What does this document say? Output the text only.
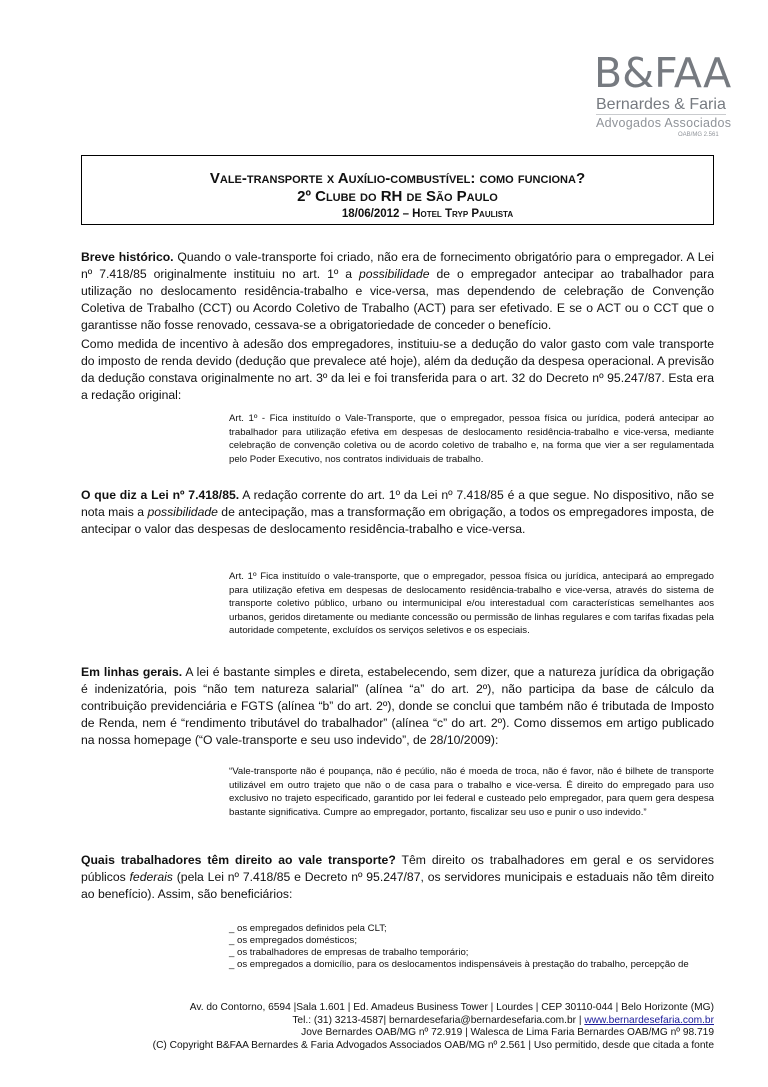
B&FAA
Bernardes & Faria
Advogados Associados
OAB/MG 2.561
Vale-transporte x Auxílio-combustível: como funciona?
2º Clube do RH de São Paulo
18/06/2012 – Hotel Tryp Paulista

Breve histórico. Quando o vale-transporte foi criado, não era de fornecimento obrigatório para o empregador. A Lei nº 7.418/85 originalmente instituiu no art. 1º a possibilidade de o empregador antecipar ao trabalhador para utilização no deslocamento residência-trabalho e vice-versa, mas dependendo de celebração de Convenção Coletiva de Trabalho (CCT) ou Acordo Coletivo de Trabalho (ACT) para ser efetivado. E se o ACT ou o CCT que o garantisse não fosse renovado, cessava-se a obrigatoriedade de conceder o benefício.

Como medida de incentivo à adesão dos empregadores, instituiu-se a dedução do valor gasto com vale transporte do imposto de renda devido (dedução que prevalece até hoje), além da dedução da despesa operacional. A previsão da dedução constava originalmente no art. 3º da lei e foi transferida para o art. 32 do Decreto nº 95.247/87. Esta era a redação original:

Art. 1º - Fica instituído o Vale-Transporte, que o empregador, pessoa física ou jurídica, poderá antecipar ao trabalhador para utilização efetiva em despesas de deslocamento residência-trabalho e vice-versa, mediante celebração de convenção coletiva ou de acordo coletivo de trabalho e, na forma que vier a ser regulamentada pelo Poder Executivo, nos contratos individuais de trabalho.

O que diz a Lei nº 7.418/85. A redação corrente do art. 1º da Lei nº 7.418/85 é a que segue. No dispositivo, não se nota mais a possibilidade de antecipação, mas a transformação em obrigação, a todos os empregadores imposta, de antecipar o valor das despesas de deslocamento residência-trabalho e vice-versa.

Art. 1º Fica instituído o vale-transporte, que o empregador, pessoa física ou jurídica, antecipará ao empregado para utilização efetiva em despesas de deslocamento residência-trabalho e vice-versa, através do sistema de transporte coletivo público, urbano ou intermunicipal e/ou interestadual com características semelhantes aos urbanos, geridos diretamente ou mediante concessão ou permissão de linhas regulares e com tarifas fixadas pela autoridade competente, excluídos os serviços seletivos e os especiais.

Em linhas gerais. A lei é bastante simples e direta, estabelecendo, sem dizer, que a natureza jurídica da obrigação é indenizatória, pois “não tem natureza salarial” (alínea “a” do art. 2º), não participa da base de cálculo da contribuição previdenciária e FGTS (alínea “b” do art. 2º), donde se conclui que também não é tributada de Imposto de Renda, nem é “rendimento tributável do trabalhador” (alínea “c” do art. 2º). Como dissemos em artigo publicado na nossa homepage (“O vale-transporte e seu uso indevido”, de 28/10/2009):

“Vale-transporte não é poupança, não é pecúlio, não é moeda de troca, não é favor, não é bilhete de transporte utilizável em outro trajeto que não o de casa para o trabalho e vice-versa. É direito do empregado para uso exclusivo no trajeto especificado, garantido por lei federal e custeado pelo empregador, para quem gera despesa bastante significativa. Cumpre ao empregador, portanto, fiscalizar seu uso e punir o uso indevido.”

Quais trabalhadores têm direito ao vale transporte? Têm direito os trabalhadores em geral e os servidores públicos federais (pela Lei nº 7.418/85 e Decreto nº 95.247/87, os servidores municipais e estaduais não têm direito ao benefício). Assim, são beneficiários:

_ os empregados definidos pela CLT;
_ os empregados domésticos;
_ os trabalhadores de empresas de trabalho temporário;
_ os empregados a domicílio, para os deslocamentos indispensáveis à prestação do trabalho, percepção de
Av. do Contorno, 6594 |Sala 1.601 | Ed. Amadeus Business Tower | Lourdes | CEP 30110-044 | Belo Horizonte (MG)
Tel.: (31) 3213-4587| bernardesefaria@bernardesefaria.com.br | www.bernardesefaria.com.br
Jove Bernardes OAB/MG nº 72.919 | Walesca de Lima Faria Bernardes OAB/MG nº 98.719
(C) Copyright B&FAA Bernardes & Faria Advogados Associados OAB/MG nº 2.561 | Uso permitido, desde que citada a fonte
